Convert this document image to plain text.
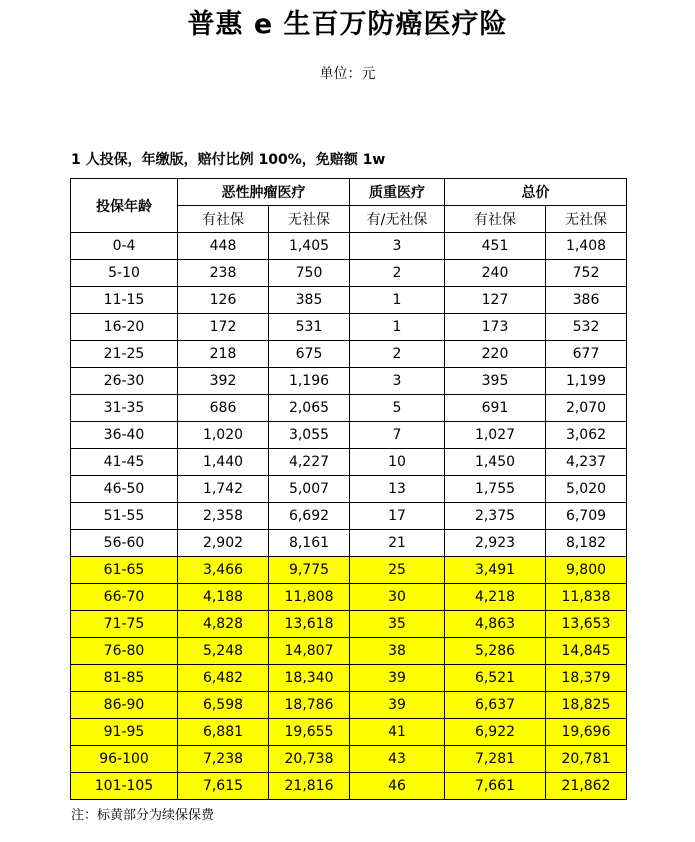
普惠 e 生百万防癌医疗险
单位：元
1 人投保，年缴版，赔付比例 100%，免赔额 1w
投保年龄	恶性肿瘤医疗		质重医疗	总价	
	有社保	无社保	有/无社保	有社保	无社保
0-4	448	1,405	3	451	1,408
5-10	238	750	2	240	752
11-15	126	385	1	127	386
16-20	172	531	1	173	532
21-25	218	675	2	220	677
26-30	392	1,196	3	395	1,199
31-35	686	2,065	5	691	2,070
36-40	1,020	3,055	7	1,027	3,062
41-45	1,440	4,227	10	1,450	4,237
46-50	1,742	5,007	13	1,755	5,020
51-55	2,358	6,692	17	2,375	6,709
56-60	2,902	8,161	21	2,923	8,182
61-65	3,466	9,775	25	3,491	9,800
66-70	4,188	11,808	30	4,218	11,838
71-75	4,828	13,618	35	4,863	13,653
76-80	5,248	14,807	38	5,286	14,845
81-85	6,482	18,340	39	6,521	18,379
86-90	6,598	18,786	39	6,637	18,825
91-95	6,881	19,655	41	6,922	19,696
96-100	7,238	20,738	43	7,281	20,781
101-105	7,615	21,816	46	7,661	21,862
注：标黄部分为续保保费
